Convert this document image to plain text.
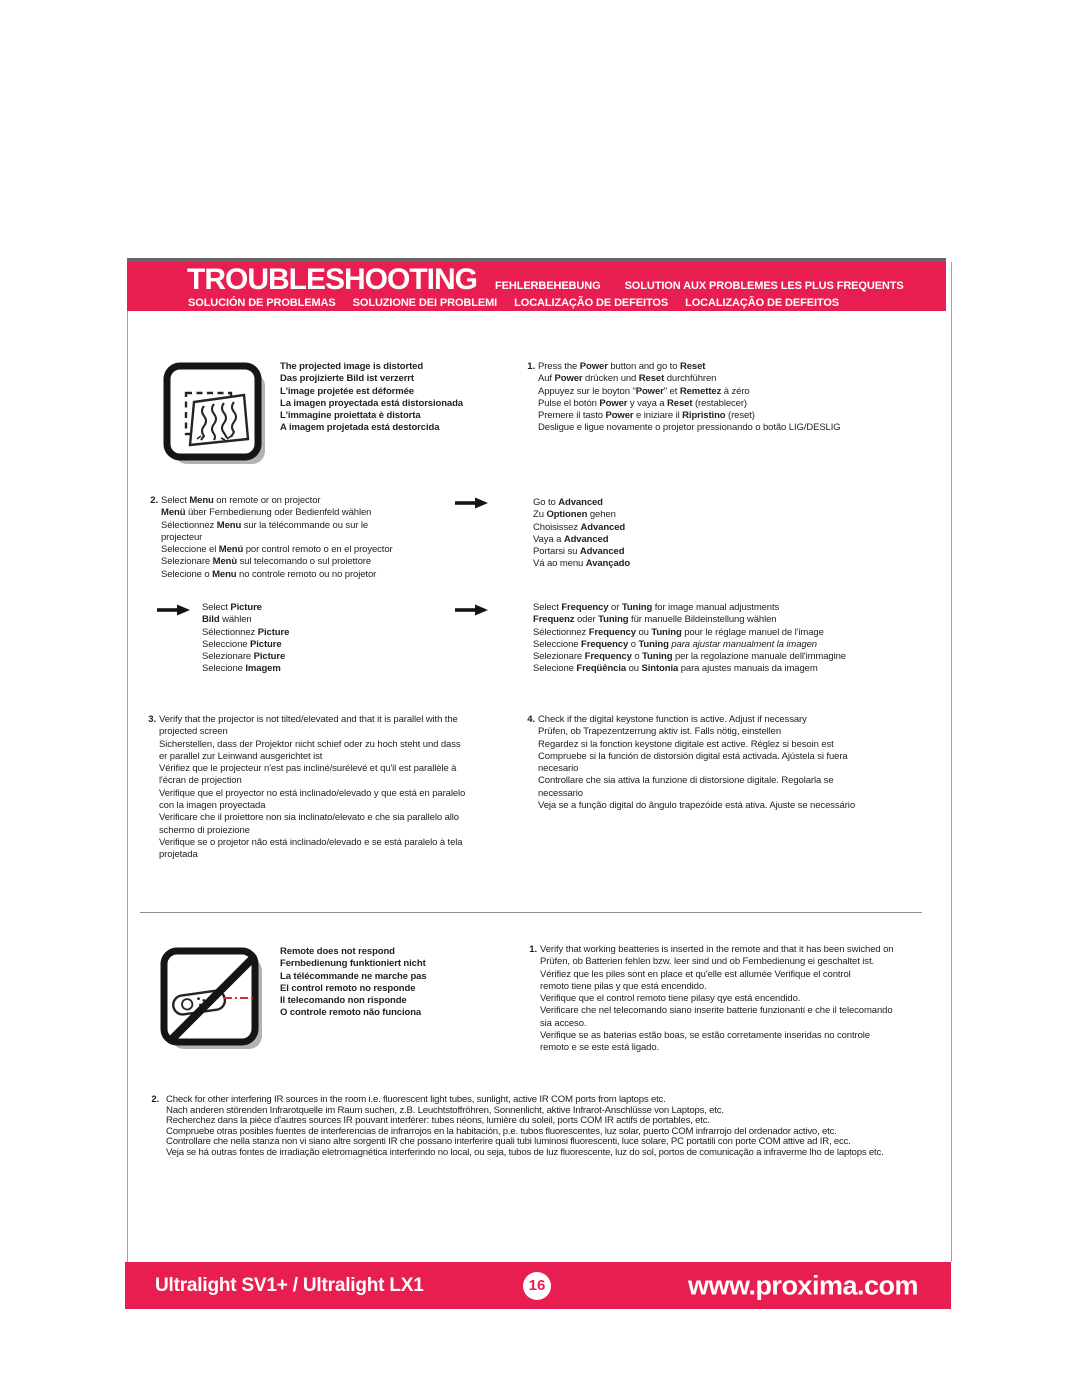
TROUBLESHOOTING FEHLERBEHEBUNG SOLUTION AUX PROBLEMES LES PLUS FREQUENTS
SOLUCIÓN DE PROBLEMAS SOLUZIONE DEI PROBLEMI LOCALIZAÇÃO DE DEFEITOS LOCALIZAÇÃO DE DEFEITOS
The projected image is distorted
Das projizierte Bild ist verzerrt
L'image projetée est déformée
La imagen proyectada está distorsionada
L'immagine proiettata è distorta
A imagem projetada está destorcida
1. Press the Power button and go to Reset
Auf Power drücken und Reset durchführen
Appuyez sur le boyton "Power" et Remettez à zéro
Pulse el botón Power y vaya a Reset (restablecer)
Premere il tasto Power e iniziare il Ripristino (reset)
Desligue e ligue novamente o projetor pressionando o botão LIG/DESLIG
2. Select Menu on remote or on projector
Menü über Fernbedienung oder Bedienfeld wählen
Sélectionnez Menu sur la télécommande ou sur le
projecteur
Seleccione el Menú por control remoto o en el proyector
Selezionare Menù sul telecomando o sul proiettore
Selecione o Menu no controle remoto ou no projetor
Go to Advanced
Zu Optionen gehen
Choisissez Advanced
Vaya a Advanced
Portarsi su Advanced
Vá ao menu Avançado
Select Picture
Bild wählen
Sélectionnez Picture
Seleccione Picture
Selezionare Picture
Selecione Imagem
Select Frequency or Tuning for image manual adjustments
Frequenz oder Tuning für manuelle Bildeinstellung wählen
Sélectionnez Frequency ou Tuning pour le réglage manuel de l'image
Seleccione Frequency o Tuning para ajustar manualment la imagen
Selezionare Frequency o Tuning per la regolazione manuale dell'immagine
Selecione Freqüência ou Sintonia para ajustes manuais da imagem
3. Verify that the projector is not tilted/elevated and that it is parallel with the
projected screen
Sicherstellen, dass der Projektor nicht schief oder zu hoch steht und dass
er parallel zur Leinwand ausgerichtet ist
Vérifiez que le projecteur n'est pas incliné/surélevé et qu'il est parallèle à
l'écran de projection
Verifique que el proyector no está inclinado/elevado y que está en paralelo
con la imagen proyectada
Verificare che il proiettore non sia inclinato/elevato e che sia parallelo allo
schermo di proiezione
Verifique se o projetor não está inclinado/elevado e se está paralelo à tela
projetada
4. Check if the digital keystone function is active. Adjust if necessary
Prüfen, ob Trapezentzerrung aktiv ist. Falls nötig, einstellen
Regardez si la fonction keystone digitale est active. Réglez si besoin est
Compruebe si la función de distorsión digital está activada. Ajústela si fuera
necesario
Controllare che sia attiva la funzione di distorsione digitale. Regolarla se
necessario
Veja se a função digital do ângulo trapezóide está ativa. Ajuste se necessário
Remote does not respond
Fernbedienung funktioniert nicht
La télécommande ne marche pas
El control remoto no responde
Il telecomando non risponde
O controle remoto não funciona
1. Verify that working beatteries is inserted in the remote and that it has been swiched on
Prüfen, ob Batterien fehlen bzw. leer sind und ob Fernbedienung ei geschaltet ist.
Vérifiez que les piles sont en place et qu'elle est allumée Verifique el control
remoto tiene pilas y que está encendido.
Verifique que el control remoto tiene pilasy qye está encendido.
Verificare che nel telecomando siano inserite batterie funzionanti e che il telecomando
sia acceso.
Verifique se as baterias estão boas, se estão corretamente inseridas no controle
remoto e se este está ligado.
2. Check for other interfering IR sources in the room i.e. fluorescent light tubes, sunlight, active IR COM ports from laptops etc.
Nach anderen störenden Infrarotquelle im Raum suchen, z.B. Leuchtstoffröhren, Sonnenlicht, aktive Infrarot-Anschlüsse von Laptops, etc.
Recherchez dans la pièce d'autres sources IR pouvant interférer: tubes néons, lumière du soleil, ports COM IR actifs de portables, etc.
Compruebe otras posibles fuentes de interferencias de infrarrojos en la habitación, p.e. tubos fluorescentes, luz solar, puerto COM infrarrojo del ordenador activo, etc.
Controllare che nella stanza non vi siano altre sorgenti IR che possano interferire quali tubi luminosi fluorescenti, luce solare, PC portatili con porte COM attive ad IR, ecc.
Veja se há outras fontes de irradiação eletromagnética interferindo no local, ou seja, tubos de luz fluorescente, luz do sol, portos de comunicação a infraverme lho de laptops etc.
Ultralight SV1+ / Ultralight LX1	16	www.proxima.com
